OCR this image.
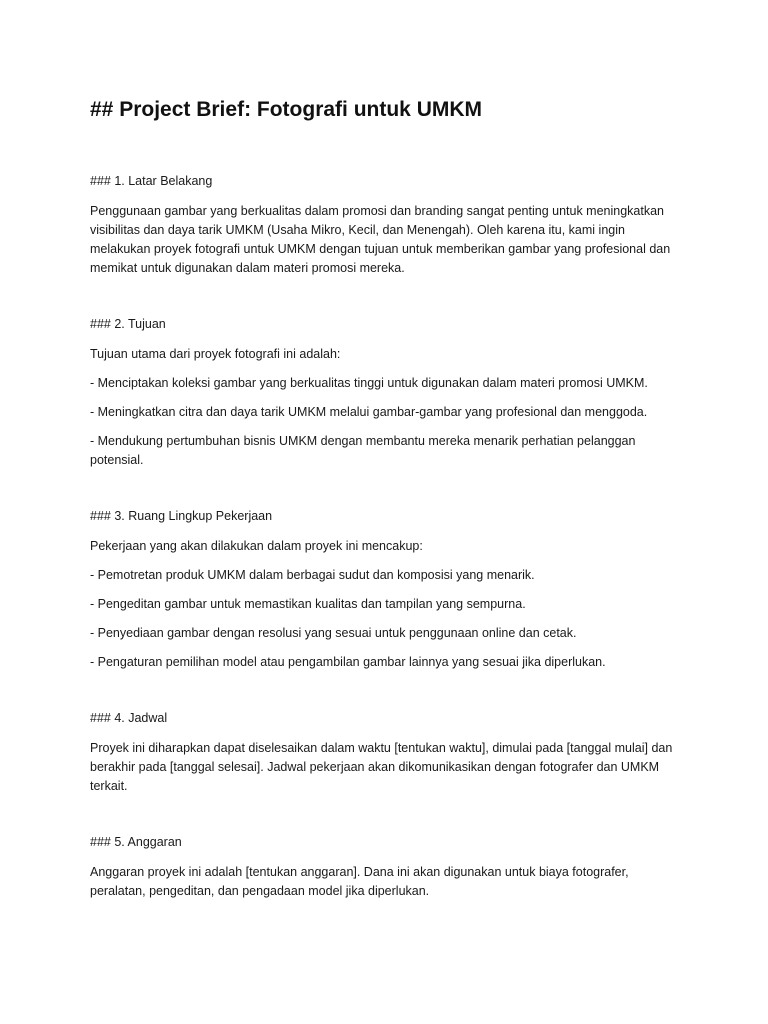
## Project Brief: Fotografi untuk UMKM
### 1. Latar Belakang

Penggunaan gambar yang berkualitas dalam promosi dan branding sangat penting untuk meningkatkan visibilitas dan daya tarik UMKM (Usaha Mikro, Kecil, dan Menengah). Oleh karena itu, kami ingin melakukan proyek fotografi untuk UMKM dengan tujuan untuk memberikan gambar yang profesional dan memikat untuk digunakan dalam materi promosi mereka.

### 2. Tujuan

Tujuan utama dari proyek fotografi ini adalah:

- Menciptakan koleksi gambar yang berkualitas tinggi untuk digunakan dalam materi promosi UMKM.

- Meningkatkan citra dan daya tarik UMKM melalui gambar-gambar yang profesional dan menggoda.

- Mendukung pertumbuhan bisnis UMKM dengan membantu mereka menarik perhatian pelanggan potensial.

### 3. Ruang Lingkup Pekerjaan

Pekerjaan yang akan dilakukan dalam proyek ini mencakup:

- Pemotretan produk UMKM dalam berbagai sudut dan komposisi yang menarik.

- Pengeditan gambar untuk memastikan kualitas dan tampilan yang sempurna.

- Penyediaan gambar dengan resolusi yang sesuai untuk penggunaan online dan cetak.

- Pengaturan pemilihan model atau pengambilan gambar lainnya yang sesuai jika diperlukan.

### 4. Jadwal

Proyek ini diharapkan dapat diselesaikan dalam waktu [tentukan waktu], dimulai pada [tanggal mulai] dan berakhir pada [tanggal selesai]. Jadwal pekerjaan akan dikomunikasikan dengan fotografer dan UMKM terkait.

### 5. Anggaran

Anggaran proyek ini adalah [tentukan anggaran]. Dana ini akan digunakan untuk biaya fotografer, peralatan, pengeditan, dan pengadaan model jika diperlukan.
